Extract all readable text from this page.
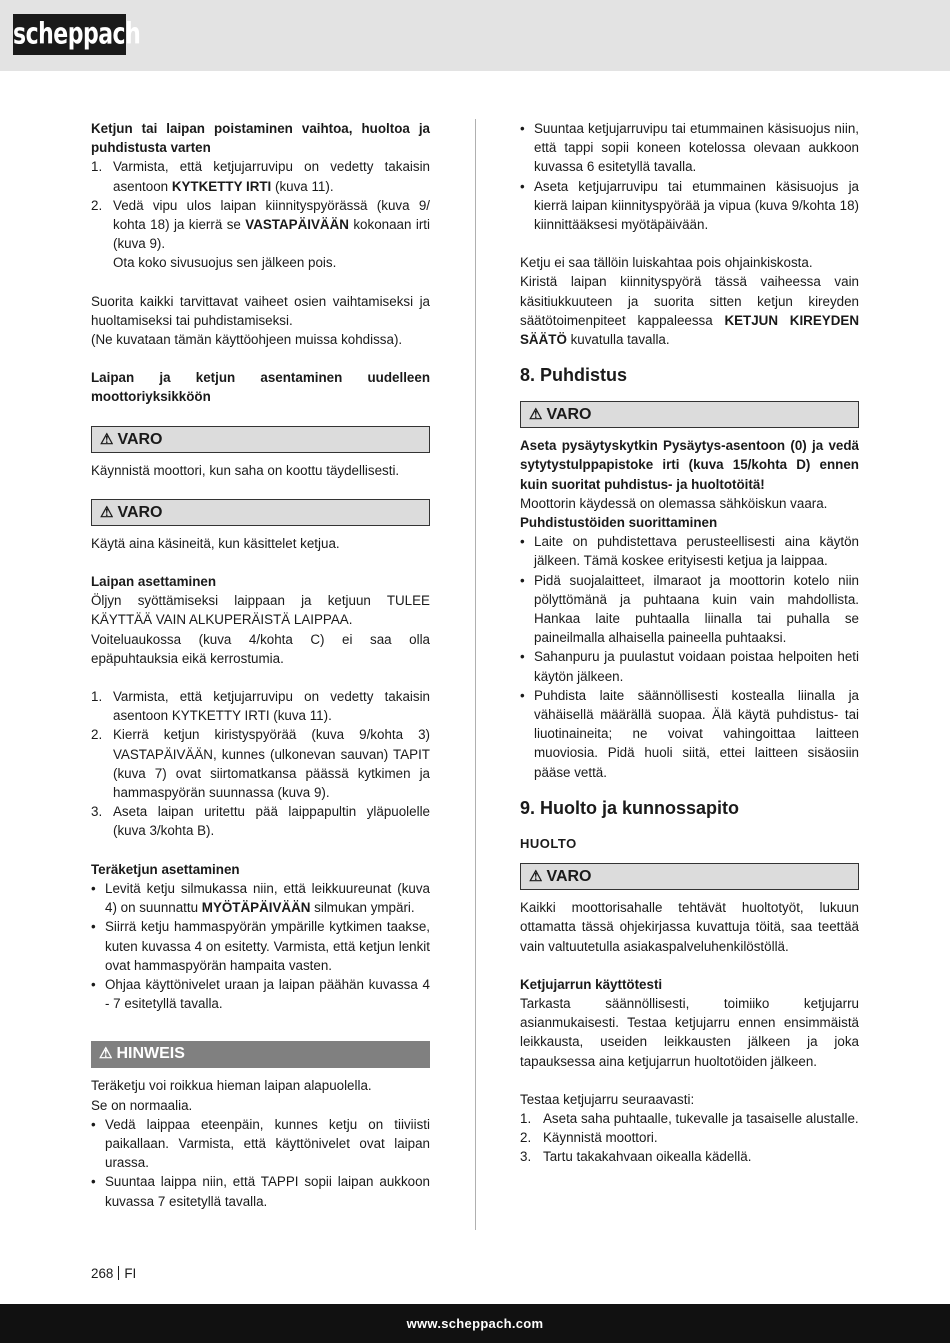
scheppach

Ketjun tai laipan poistaminen vaihtoa, huoltoa ja puhdistusta varten

1. Varmista, että ketjujarruvipu on vedetty takaisin asentoon KYTKETTY IRTI (kuva 11).
2. Vedä vipu ulos laipan kiinnityspyörässä (kuva 9/ kohta 18) ja kierrä se VASTAPÄIVÄÄN kokonaan irti (kuva 9).
Ota koko sivusuojus sen jälkeen pois.

Suorita kaikki tarvittavat vaiheet osien vaihtamiseksi ja huoltamiseksi tai puhdistamiseksi.

(Ne kuvataan tämän käyttöohjeen muissa kohdissa).

Laipan ja ketjun asentaminen uudelleen moottoriyksikköön

⚠ VARO

Käynnistä moottori, kun saha on koottu täydellisesti.

⚠ VARO

Käytä aina käsineitä, kun käsittelet ketjua.

Laipan asettaminen

Öljyn syöttämiseksi laippaan ja ketjuun TULEE KÄYTTÄÄ VAIN ALKUPERÄISTÄ LAIPPAA.

Voiteluaukossa (kuva 4/kohta C) ei saa olla epäpuhtauksia eikä kerrostumia.

1. Varmista, että ketjujarruvipu on vedetty takaisin asentoon KYTKETTY IRTI (kuva 11).
2. Kierrä ketjun kiristyspyörää (kuva 9/kohta 3) VASTAPÄIVÄÄN, kunnes (ulkonevan sauvan) TAPIT (kuva 7) ovat siirtomatkansa päässä kytkimen ja hammaspyörän suunnassa (kuva 9).
3. Aseta laipan uritettu pää laippapultin yläpuolelle (kuva 3/kohta B).

Teräketjun asettaminen

• Levitä ketju silmukassa niin, että leikkuureunat (kuva 4) on suunnattu MYÖTÄPÄIVÄÄN silmukan ympäri.
• Siirrä ketju hammaspyörän ympärille kytkimen taakse, kuten kuvassa 4 on esitetty. Varmista, että ketjun lenkit ovat hammaspyörän hampaita vasten.
• Ohjaa käyttönivelet uraan ja laipan päähän kuvassa 4 - 7 esitetyllä tavalla.
⚠ HINWEIS

Teräketju voi roikkua hieman laipan alapuolella.

Se on normaalia.

• Vedä laippaa eteenpäin, kunnes ketju on tiiviisti paikallaan. Varmista, että käyttönivelet ovat laipan urassa.
• Suuntaa laippa niin, että TAPPI sopii laipan aukkoon kuvassa 7 esitetyllä tavalla.
• Suuntaa ketjujarruvipu tai etummainen käsisuojus niin, että tappi sopii koneen kotelossa olevaan aukkoon kuvassa 6 esitetyllä tavalla.
• Aseta ketjujarruvipu tai etummainen käsisuojus ja kierrä laipan kiinnityspyörää ja vipua (kuva 9/kohta 18) kiinnittääksesi myötäpäivään.

Ketju ei saa tällöin luiskahtaa pois ohjainkiskosta.

Kiristä laipan kiinnityspyörä tässä vaiheessa vain käsitiukkuuteen ja suorita sitten ketjun kireyden säätötoimenpiteet kappaleessa KETJUN KIREYDEN SÄÄTÖ kuvatulla tavalla.

8. Puhdistus
⚠ VARO

Aseta pysäytyskytkin Pysäytys-asentoon (0) ja vedä sytytystulppapistoke irti (kuva 15/kohta D) ennen kuin suoritat puhdistus- ja huoltotöitä!

Moottorin käydessä on olemassa sähköiskun vaara.

Puhdistustöiden suorittaminen

• Laite on puhdistettava perusteellisesti aina käytön jälkeen. Tämä koskee erityisesti ketjua ja laippaa.
• Pidä suojalaitteet, ilmaraot ja moottorin kotelo niin pölyttömänä ja puhtaana kuin vain mahdollista. Hankaa laite puhtaalla liinalla tai puhalla se paineilmalla alhaisella paineella puhtaaksi.
• Sahanpuru ja puulastut voidaan poistaa helpoiten heti käytön jälkeen.
• Puhdista laite säännöllisesti kostealla liinalla ja vähäisellä määrällä suopaa. Älä käytä puhdistus- tai liuotinaineita; ne voivat vahingoittaa laitteen muoviosia. Pidä huoli siitä, ettei laitteen sisäosiin pääse vettä.
9. Huolto ja kunnossapito

HUOLTO

⚠ VARO

Kaikki moottorisahalle tehtävät huoltotyöt, lukuun ottamatta tässä ohjekirjassa kuvattuja töitä, saa teettää vain valtuutetulla asiakaspalveluhenkilöstöllä.

Ketjujarrun käyttötesti

Tarkasta säännöllisesti, toimiiko ketjujarru asianmukaisesti. Testaa ketjujarru ennen ensimmäistä leikkausta, useiden leikkausten jälkeen ja joka tapauksessa aina ketjujarrun huoltotöiden jälkeen.

Testaa ketjujarru seuraavasti:

1. Aseta saha puhtaalle, tukevalle ja tasaiselle alustalle.
2. Käynnistä moottori.
3. Tartu takakahvaan oikealla kädellä.
268 FI
www.scheppach.com
